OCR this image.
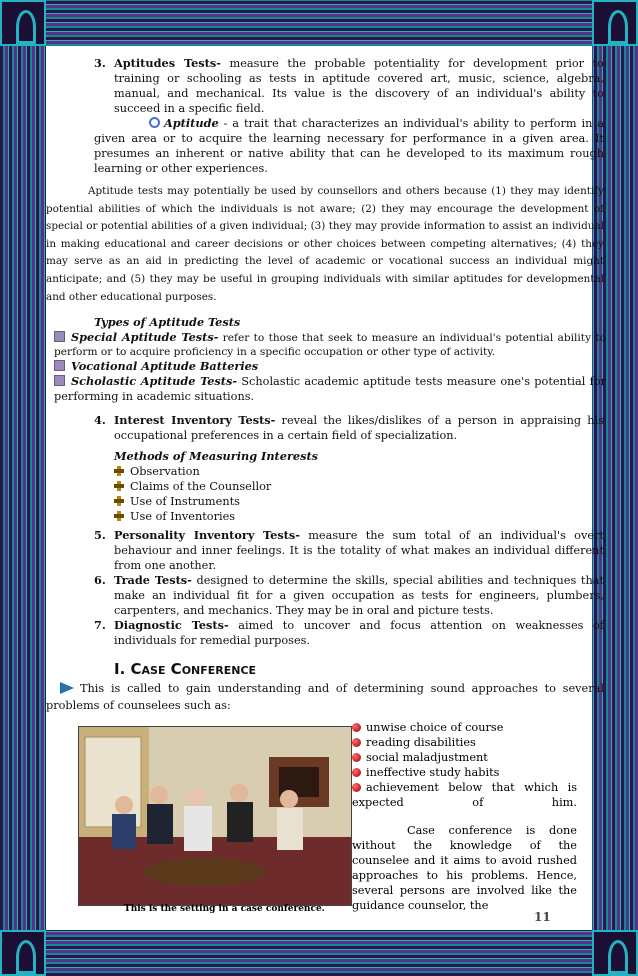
3. Aptitudes Tests- measure the probable potentiality for development prior to training or schooling as tests in aptitude covered art, music, science, algebra, manual, and mechanical. Its value is the discovery of an individual's ability to succeed in a specific field.

Aptitude - a trait that characterizes an individual's ability to perform in a given area or to acquire the learning necessary for performance in a given area. It presumes an inherent or native ability that can he developed to its maximum rough learning or other experiences.

Aptitude tests may potentially be used by counsellors and others because (1) they may identify potential abilities of which the individuals is not aware; (2) they may encourage the development of special or potential abilities of a given individual; (3) they may provide information to assist an individual in making educational and career decisions or other choices between competing alternatives; (4) they may serve as an aid in predicting the level of academic or vocational success an individual might anticipate; and (5) they may be useful in grouping individuals with similar aptitudes for developmental and other educational purposes.

Types of Aptitude Tests

Special Aptitude Tests- refer to those that seek to measure an individual's potential ability to perform or to acquire proficiency in a specific occupation or other type of activity.

Vocational Aptitude Batteries

Scholastic Aptitude Tests- Scholastic academic aptitude tests measure one's potential for performing in academic situations.

4. Interest Inventory Tests- reveal the likes/dislikes of a person in appraising his occupational preferences in a certain field of specialization.

Methods of Measuring Interests

Observation

Claims of the Counsellor

Use of Instruments

Use of Inventories

5. Personality Inventory Tests- measure the sum total of an individual's overt behaviour and inner feelings. It is the totality of what makes an individual different from one another.

6. Trade Tests- designed to determine the skills, special abilities and techniques that make an individual fit for a given occupation as tests for engineers, plumbers, carpenters, and mechanics. They may be in oral and picture tests.

7. Diagnostic Tests- aimed to uncover and focus attention on weaknesses of individuals for remedial purposes.

I. Case Conference

This is called to gain understanding and of determining sound approaches to several problems of counselees such as:

This is the setting in a case conference.

unwise choice of course

reading disabilities

social maladjustment

ineffective study habits

achievement below that which is expected of him.

Case conference is done without the knowledge of the counselee and it aims to avoid rushed approaches to his problems. Hence, several persons are involved like the guidance counselor, the

11
